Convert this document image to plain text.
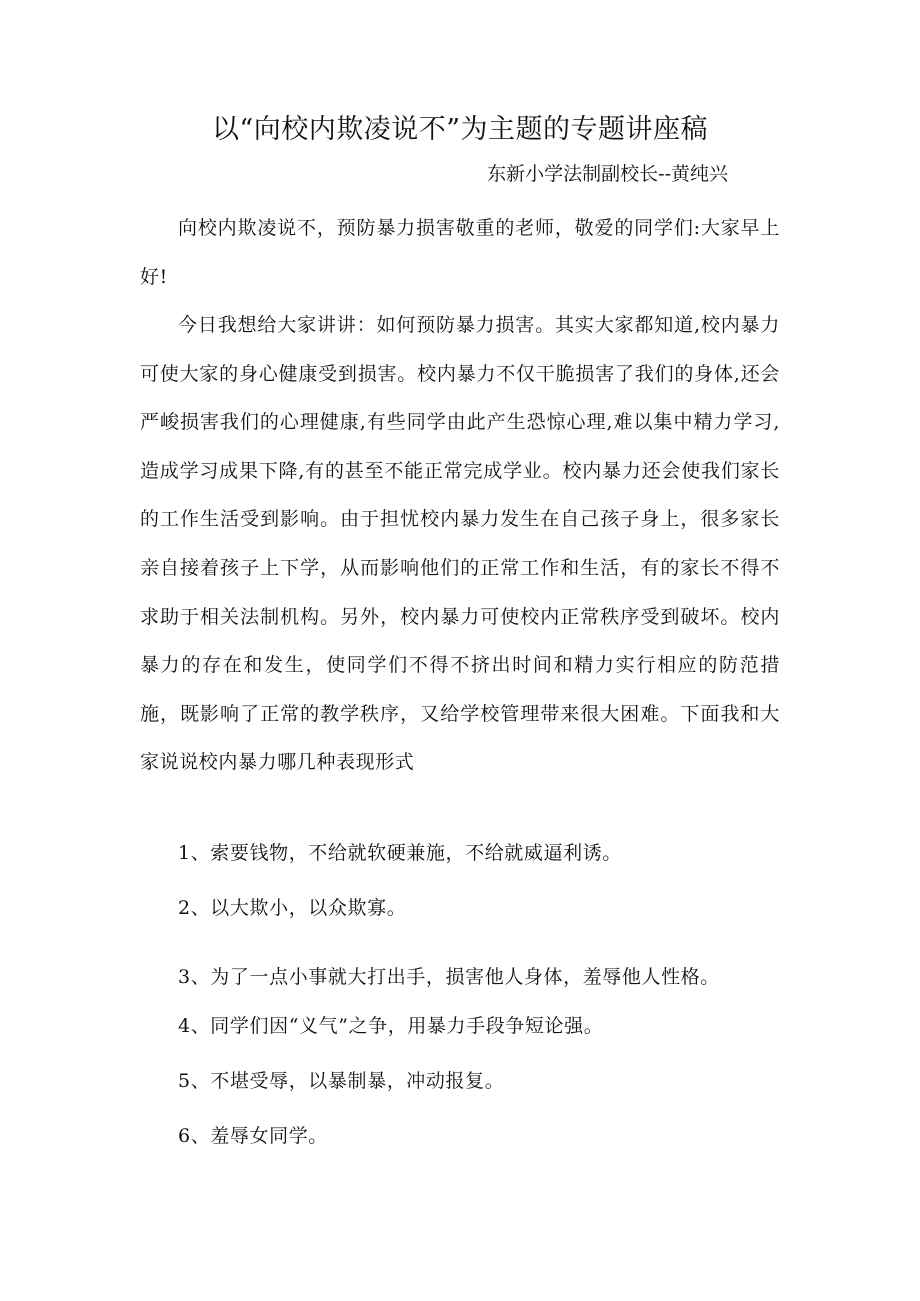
以“向校内欺凌说不”为主题的专题讲座稿
东新小学法制副校长--黄纯兴

向校内欺凌说不，预防暴力损害敬重的老师，敬爱的同学们:大家早上好!

今日我想给大家讲讲：如何预防暴力损害。其实大家都知道,校内暴力可使大家的身心健康受到损害。校内暴力不仅干脆损害了我们的身体,还会严峻损害我们的心理健康,有些同学由此产生恐惊心理,难以集中精力学习,造成学习成果下降,有的甚至不能正常完成学业。校内暴力还会使我们家长的工作生活受到影响。由于担忧校内暴力发生在自己孩子身上，很多家长亲自接着孩子上下学，从而影响他们的正常工作和生活，有的家长不得不求助于相关法制机构。另外，校内暴力可使校内正常秩序受到破坏。校内暴力的存在和发生，使同学们不得不挤出时间和精力实行相应的防范措施，既影响了正常的教学秩序，又给学校管理带来很大困难。下面我和大家说说校内暴力哪几种表现形式

1、索要钱物，不给就软硬兼施，不给就威逼利诱。

2、以大欺小，以众欺寡。

3、为了一点小事就大打出手，损害他人身体，羞辱他人性格。

4、同学们因“义气”之争，用暴力手段争短论强。

5、不堪受辱，以暴制暴，冲动报复。

6、羞辱女同学。
